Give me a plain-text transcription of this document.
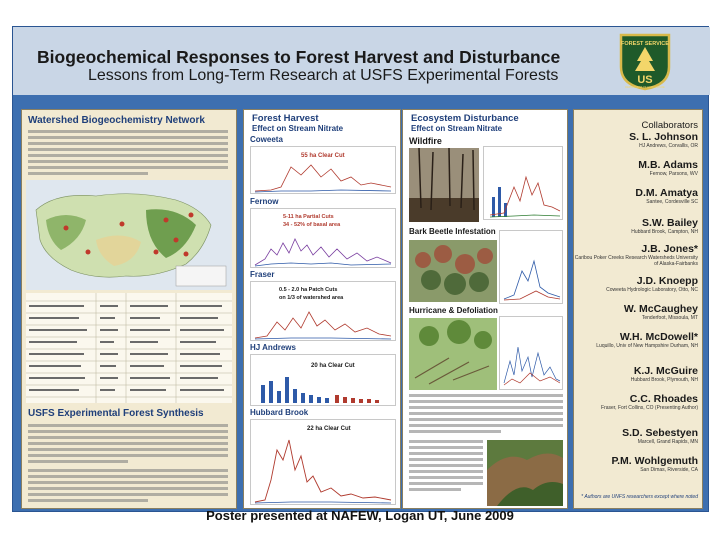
Biogeochemical Responses to Forest Harvest and Disturbance
Lessons from Long-Term Research at USFS Experimental Forests
FOREST SERVICE
US
DEPARTMENT OF AGRICULTURE
Watershed Biogeochemistry Network
USFS Experimental Forest Synthesis
Forest Harvest
Effect on Stream Nitrate
Coweeta
55 ha Clear Cut
Fernow
5-11 ha Partial Cuts
34 - 52% of basal area
Fraser
0.5 - 2.0 ha Patch Cuts
on 1/3 of watershed area
HJ Andrews
20 ha Clear Cut
Hubbard Brook
22 ha Clear Cut
Ecosystem Disturbance
Effect on Stream Nitrate
Wildfire
Bark Beetle Infestation
Hurricane & Defoliation
Collaborators
S. L. Johnson
HJ Andrews, Corvallis, OR
M.B. Adams
Fernow, Parsons, WV
D.M. Amatya
Santee, Cordesville SC
S.W. Bailey
Hubbard Brook, Campton, NH
J.B. Jones*
Caribou Poker Creeks Research Watersheds University of Alaska-Fairbanks
J.D. Knoepp
Coweeta Hydrologic Laboratory, Otto, NC
W. McCaughey
Tenderfoot, Missoula, MT
W.H. McDowell*
Luquillo, Univ of New Hampshire Durham, NH
K.J. McGuire
Hubbard Brook, Plymouth, NH
C.C. Rhoades
Fraser, Fort Collins, CO (Presenting Author)
S.D. Sebestyen
Marcell, Grand Rapids, MN
P.M. Wohlgemuth
San Dimas, Riverside, CA
* Authors are UNFS researchers except where noted
Poster presented at NAFEW, Logan UT, June 2009
